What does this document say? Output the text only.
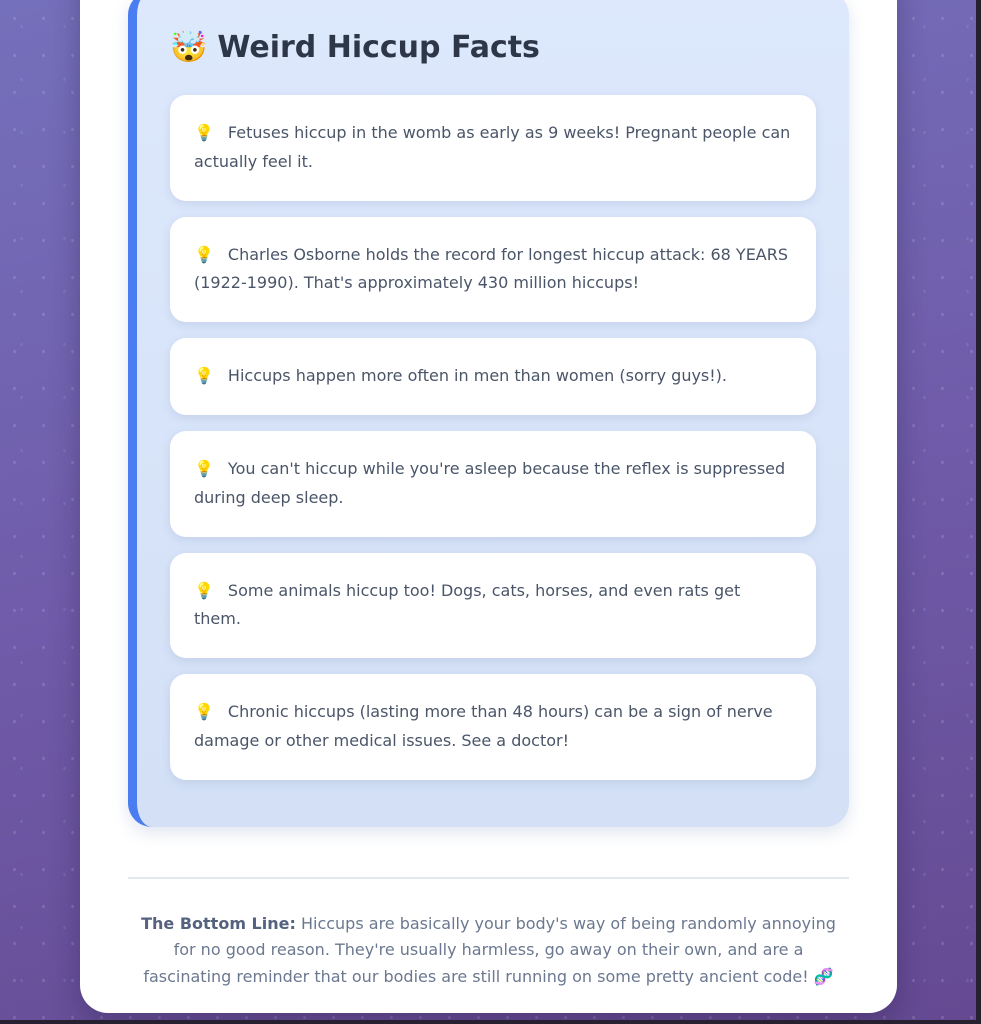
🤯 Weird Hiccup Facts
💡 Fetuses hiccup in the womb as early as 9 weeks! Pregnant people can actually feel it.
💡 Charles Osborne holds the record for longest hiccup attack: 68 YEARS (1922-1990). That's approximately 430 million hiccups!
💡 Hiccups happen more often in men than women (sorry guys!).
💡 You can't hiccup while you're asleep because the reflex is suppressed during deep sleep.
💡 Some animals hiccup too! Dogs, cats, horses, and even rats get them.
💡 Chronic hiccups (lasting more than 48 hours) can be a sign of nerve damage or other medical issues. See a doctor!

The Bottom Line: Hiccups are basically your body's way of being randomly annoying for no good reason. They're usually harmless, go away on their own, and are a fascinating reminder that our bodies are still running on some pretty ancient code! 🧬
